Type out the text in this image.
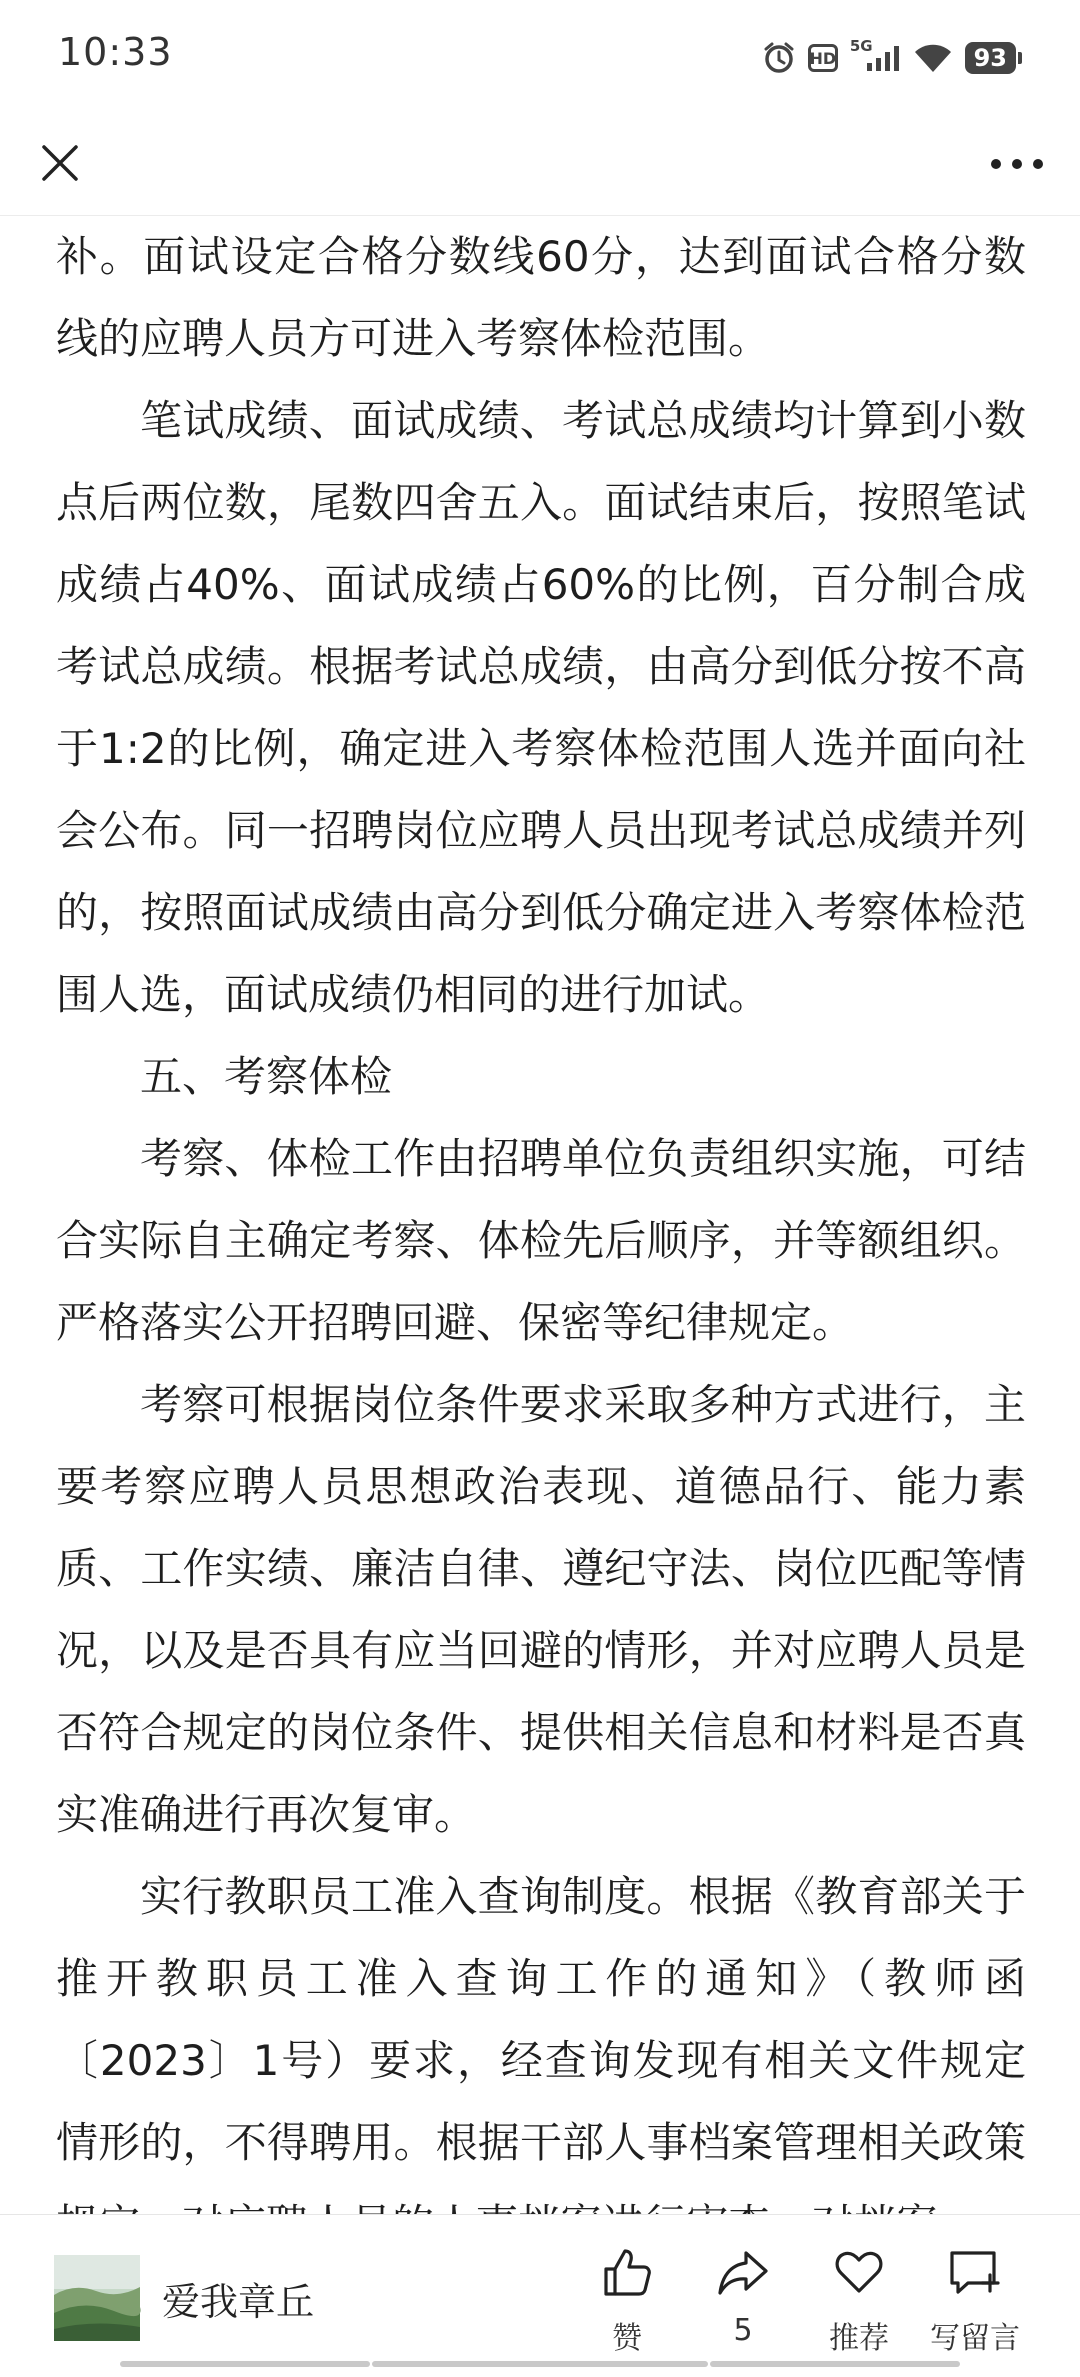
10:33	HD
5G	93

补。面试设定合格分数线60分，达到面试合格分数线的应聘人员方可进入考察体检范围。

笔试成绩、面试成绩、考试总成绩均计算到小数点后两位数，尾数四舍五入。面试结束后，按照笔试成绩占40%、面试成绩占60%的比例，百分制合成考试总成绩。根据考试总成绩，由高分到低分按不高于1:2的比例，确定进入考察体检范围人选并面向社会公布。同一招聘岗位应聘人员出现考试总成绩并列的，按照面试成绩由高分到低分确定进入考察体检范围人选，面试成绩仍相同的进行加试。

五、考察体检

考察、体检工作由招聘单位负责组织实施，可结合实际自主确定考察、体检先后顺序，并等额组织。严格落实公开招聘回避、保密等纪律规定。

考察可根据岗位条件要求采取多种方式进行，主要考察应聘人员思想政治表现、道德品行、能力素质、工作实绩、廉洁自律、遵纪守法、岗位匹配等情况，以及是否具有应当回避的情形，并对应聘人员是否符合规定的岗位条件、提供相关信息和材料是否真实准确进行再次复审。

实行教职员工准入查询制度。根据《教育部关于推开教职员工准入查询工作的通知》（教师函〔2023〕1号）要求，经查询发现有相关文件规定情形的，不得聘用。根据干部人事档案管理相关政策

爱我章丘
赞	5	推荐 写留言
